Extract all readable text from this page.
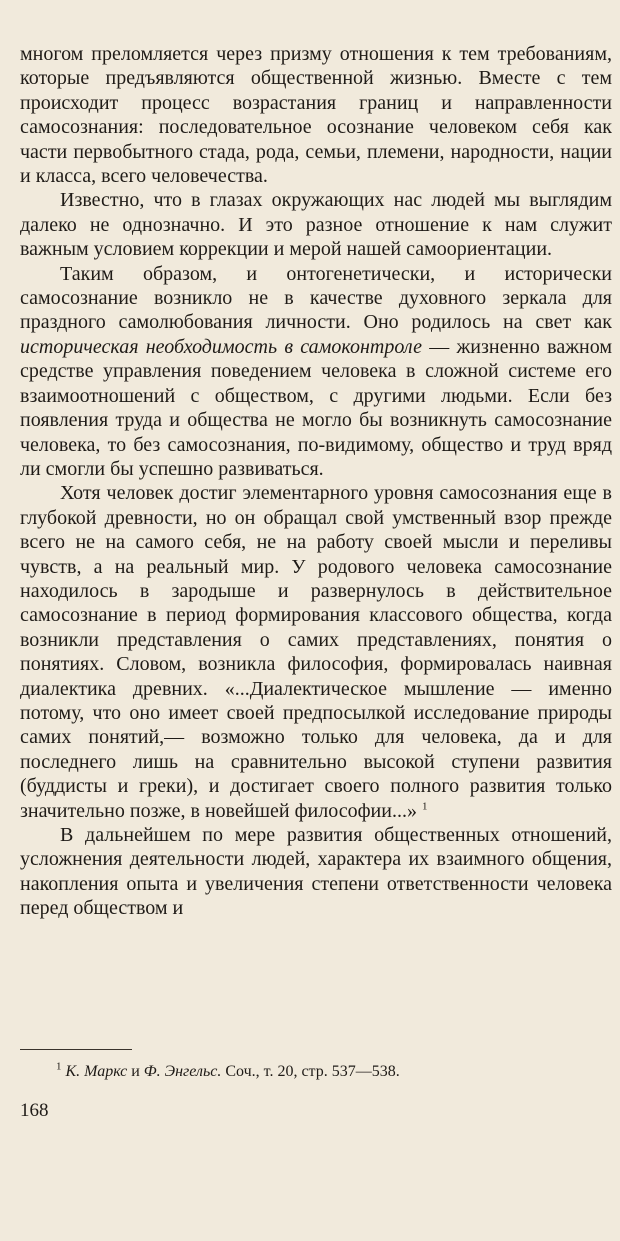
многом преломляется через призму отношения к тем требованиям, которые предъявляются общественной жизнью. Вместе с тем происходит процесс возрастания границ и направленности самосознания: последовательное осознание человеком себя как части первобытного стада, рода, семьи, племени, народности, нации и класса, всего человечества.

Известно, что в глазах окружающих нас людей мы выглядим далеко не однозначно. И это разное отношение к нам служит важным условием коррекции и мерой нашей самоориентации.

Таким образом, и онтогенетически, и исторически самосознание возникло не в качестве духовного зеркала для праздного самолюбования личности. Оно родилось на свет как историческая необходимость в самоконтроле — жизненно важном средстве управления поведением человека в сложной системе его взаимоотношений с обществом, с другими людьми. Если без появления труда и общества не могло бы возникнуть самосознание человека, то без самосознания, по-видимому, общество и труд вряд ли смогли бы успешно развиваться.

Хотя человек достиг элементарного уровня самосознания еще в глубокой древности, но он обращал свой умственный взор прежде всего не на самого себя, не на работу своей мысли и переливы чувств, а на реальный мир. У родового человека самосознание находилось в зародыше и развернулось в действительное самосознание в период формирования классового общества, когда возникли представления о самих представлениях, понятия о понятиях. Словом, возникла философия, формировалась наивная диалектика древних. «...Диалектическое мышление — именно потому, что оно имеет своей предпосылкой исследование природы самих понятий,— возможно только для человека, да и для последнего лишь на сравнительно высокой ступени развития (буддисты и греки), и достигает своего полного развития только значительно позже, в новейшей философии...» $^1$

В дальнейшем по мере развития общественных отношений, усложнения деятельности людей, характера их взаимного общения, накопления опыта и увеличения степени ответственности человека перед обществом и

$^1$ К. Маркс и Ф. Энгельс. Соч., т. 20, стр. 537—538.
168
